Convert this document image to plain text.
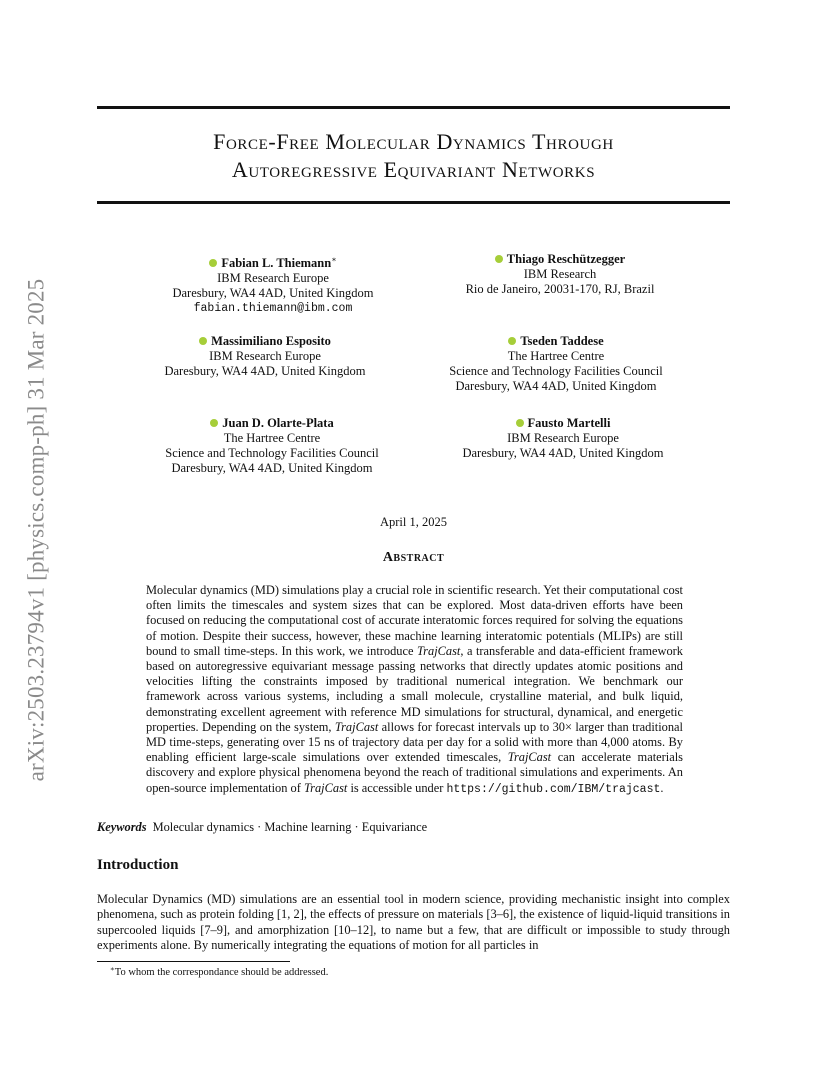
arXiv:2503.23794v1 [physics.comp-ph] 31 Mar 2025
Force-Free Molecular Dynamics Through
Autoregressive Equivariant Networks
Fabian L. Thiemann∗
IBM Research Europe
Daresbury, WA4 4AD, United Kingdom
fabian.thiemann@ibm.com
Thiago Reschützegger
IBM Research
Rio de Janeiro, 20031-170, RJ, Brazil
Massimiliano Esposito
IBM Research Europe
Daresbury, WA4 4AD, United Kingdom
Tseden Taddese
The Hartree Centre
Science and Technology Facilities Council
Daresbury, WA4 4AD, United Kingdom
Juan D. Olarte-Plata
The Hartree Centre
Science and Technology Facilities Council
Daresbury, WA4 4AD, United Kingdom
Fausto Martelli
IBM Research Europe
Daresbury, WA4 4AD, United Kingdom
April 1, 2025
Abstract
Molecular dynamics (MD) simulations play a crucial role in scientific research. Yet their computational cost often limits the timescales and system sizes that can be explored. Most data-driven efforts have been focused on reducing the computational cost of accurate interatomic forces required for solving the equations of motion. Despite their success, however, these machine learning interatomic potentials (MLIPs) are still bound to small time-steps. In this work, we introduce TrajCast, a transferable and data-efficient framework based on autoregressive equivariant message passing networks that directly updates atomic positions and velocities lifting the constraints imposed by traditional numerical integration. We benchmark our framework across various systems, including a small molecule, crystalline material, and bulk liquid, demonstrating excellent agreement with reference MD simulations for structural, dynamical, and energetic properties. Depending on the system, TrajCast allows for forecast intervals up to 30× larger than traditional MD time-steps, generating over 15 ns of trajectory data per day for a solid with more than 4,000 atoms. By enabling efficient large-scale simulations over extended timescales, TrajCast can accelerate materials discovery and explore physical phenomena beyond the reach of traditional simulations and experiments. An open-source implementation of TrajCast is accessible under https://github.com/IBM/trajcast.
Keywords Molecular dynamics · Machine learning · Equivariance
Introduction
Molecular Dynamics (MD) simulations are an essential tool in modern science, providing mechanistic insight into complex phenomena, such as protein folding [1, 2], the effects of pressure on materials [3–6], the existence of liquid-liquid transitions in supercooled liquids [7–9], and amorphization [10–12], to name but a few, that are difficult or impossible to study through experiments alone. By numerically integrating the equations of motion for all particles in
∗To whom the correspondance should be addressed.
